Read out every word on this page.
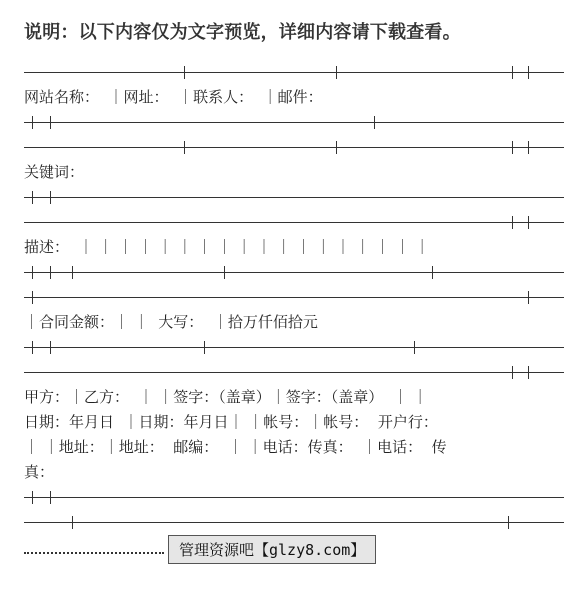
说明：以下内容仅为文字预览，详细内容请下载查看。
网站名称：  ｜网址：  ｜联系人：  ｜邮件：
关键词：
描述：  ｜ ｜ ｜ ｜ ｜ ｜ ｜ ｜ ｜ ｜ ｜ ｜ ｜ ｜ ｜ ｜ ｜ ｜
｜合同金额：｜ ｜  大写：  ｜拾万仟佰拾元
甲方：｜乙方：  ｜ ｜签字：（盖章）｜签字：（盖章）  ｜ ｜
日期：年月日  ｜日期：年月日｜ ｜帐号：｜帐号：  开户行：
｜ ｜地址：｜地址：  邮编：  ｜ ｜电话：传真：  ｜电话：  传
真：
管理资源吧【glzy8.com】
